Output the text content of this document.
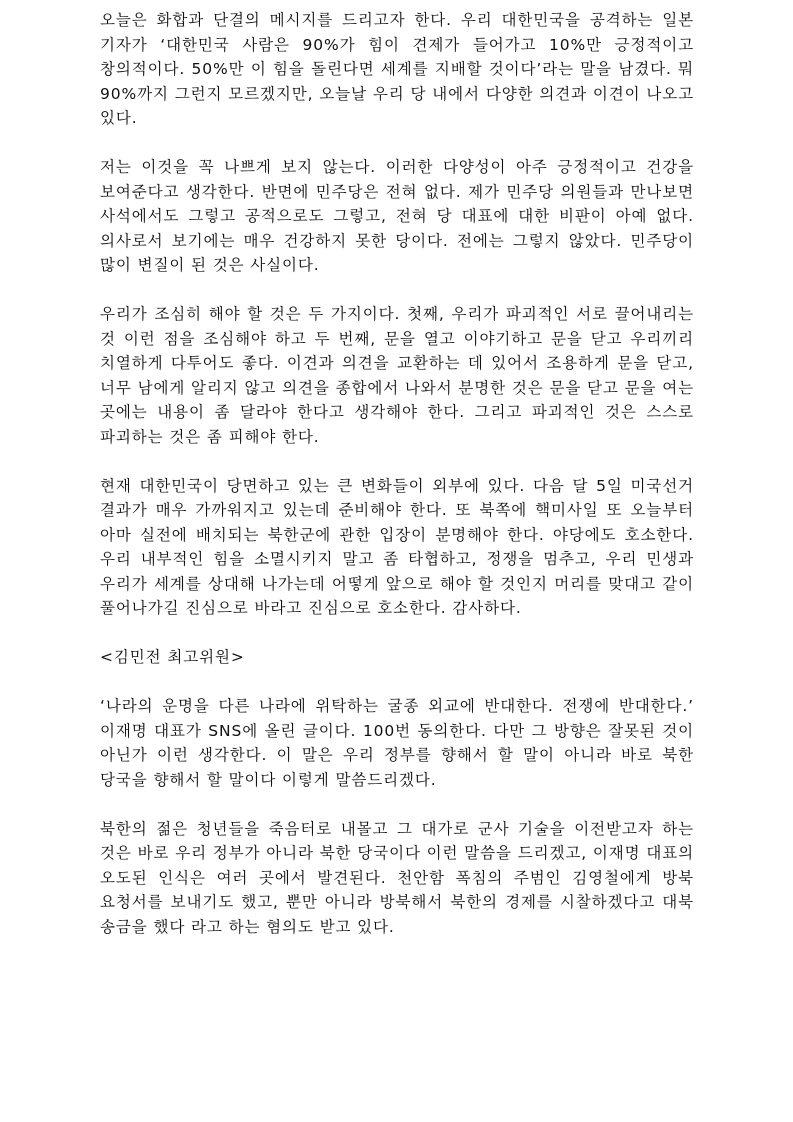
오늘은 화합과 단결의 메시지를 드리고자 한다. 우리 대한민국을 공격하는 일본 기자가 ‘대한민국 사람은 90%가 힘이 견제가 들어가고 10%만 긍정적이고 창의적이다. 50%만 이 힘을 돌린다면 세계를 지배할 것이다’라는 말을 남겼다. 뭐 90%까지 그런지 모르겠지만, 오늘날 우리 당 내에서 다양한 의견과 이견이 나오고 있다.

저는 이것을 꼭 나쁘게 보지 않는다. 이러한 다양성이 아주 긍정적이고 건강을 보여준다고 생각한다. 반면에 민주당은 전혀 없다. 제가 민주당 의원들과 만나보면 사석에서도 그렇고 공적으로도 그렇고, 전혀 당 대표에 대한 비판이 아예 없다. 의사로서 보기에는 매우 건강하지 못한 당이다. 전에는 그렇지 않았다. 민주당이 많이 변질이 된 것은 사실이다.

우리가 조심히 해야 할 것은 두 가지이다. 첫째, 우리가 파괴적인 서로 끌어내리는 것 이런 점을 조심해야 하고 두 번째, 문을 열고 이야기하고 문을 닫고 우리끼리 치열하게 다투어도 좋다. 이견과 의견을 교환하는 데 있어서 조용하게 문을 닫고, 너무 남에게 알리지 않고 의견을 종합에서 나와서 분명한 것은 문을 닫고 문을 여는 곳에는 내용이 좀 달라야 한다고 생각해야 한다. 그리고 파괴적인 것은 스스로 파괴하는 것은 좀 피해야 한다.

현재 대한민국이 당면하고 있는 큰 변화들이 외부에 있다. 다음 달 5일 미국선거 결과가 매우 가까워지고 있는데 준비해야 한다. 또 북쪽에 핵미사일 또 오늘부터 아마 실전에 배치되는 북한군에 관한 입장이 분명해야 한다. 야당에도 호소한다. 우리 내부적인 힘을 소멸시키지 말고 좀 타협하고, 정쟁을 멈추고, 우리 민생과 우리가 세계를 상대해 나가는데 어떻게 앞으로 해야 할 것인지 머리를 맞대고 같이 풀어나가길 진심으로 바라고 진심으로 호소한다. 감사하다.

<김민전 최고위원>

‘나라의 운명을 다른 나라에 위탁하는 굴종 외교에 반대한다. 전쟁에 반대한다.’ 이재명 대표가 SNS에 올린 글이다. 100번 동의한다. 다만 그 방향은 잘못된 것이 아닌가 이런 생각한다. 이 말은 우리 정부를 향해서 할 말이 아니라 바로 북한 당국을 향해서 할 말이다 이렇게 말씀드리겠다.

북한의 젊은 청년들을 죽음터로 내몰고 그 대가로 군사 기술을 이전받고자 하는 것은 바로 우리 정부가 아니라 북한 당국이다 이런 말씀을 드리겠고, 이재명 대표의 오도된 인식은 여러 곳에서 발견된다. 천안함 폭침의 주범인 김영철에게 방북 요청서를 보내기도 했고, 뿐만 아니라 방북해서 북한의 경제를 시찰하겠다고 대북 송금을 했다 라고 하는 혐의도 받고 있다.
